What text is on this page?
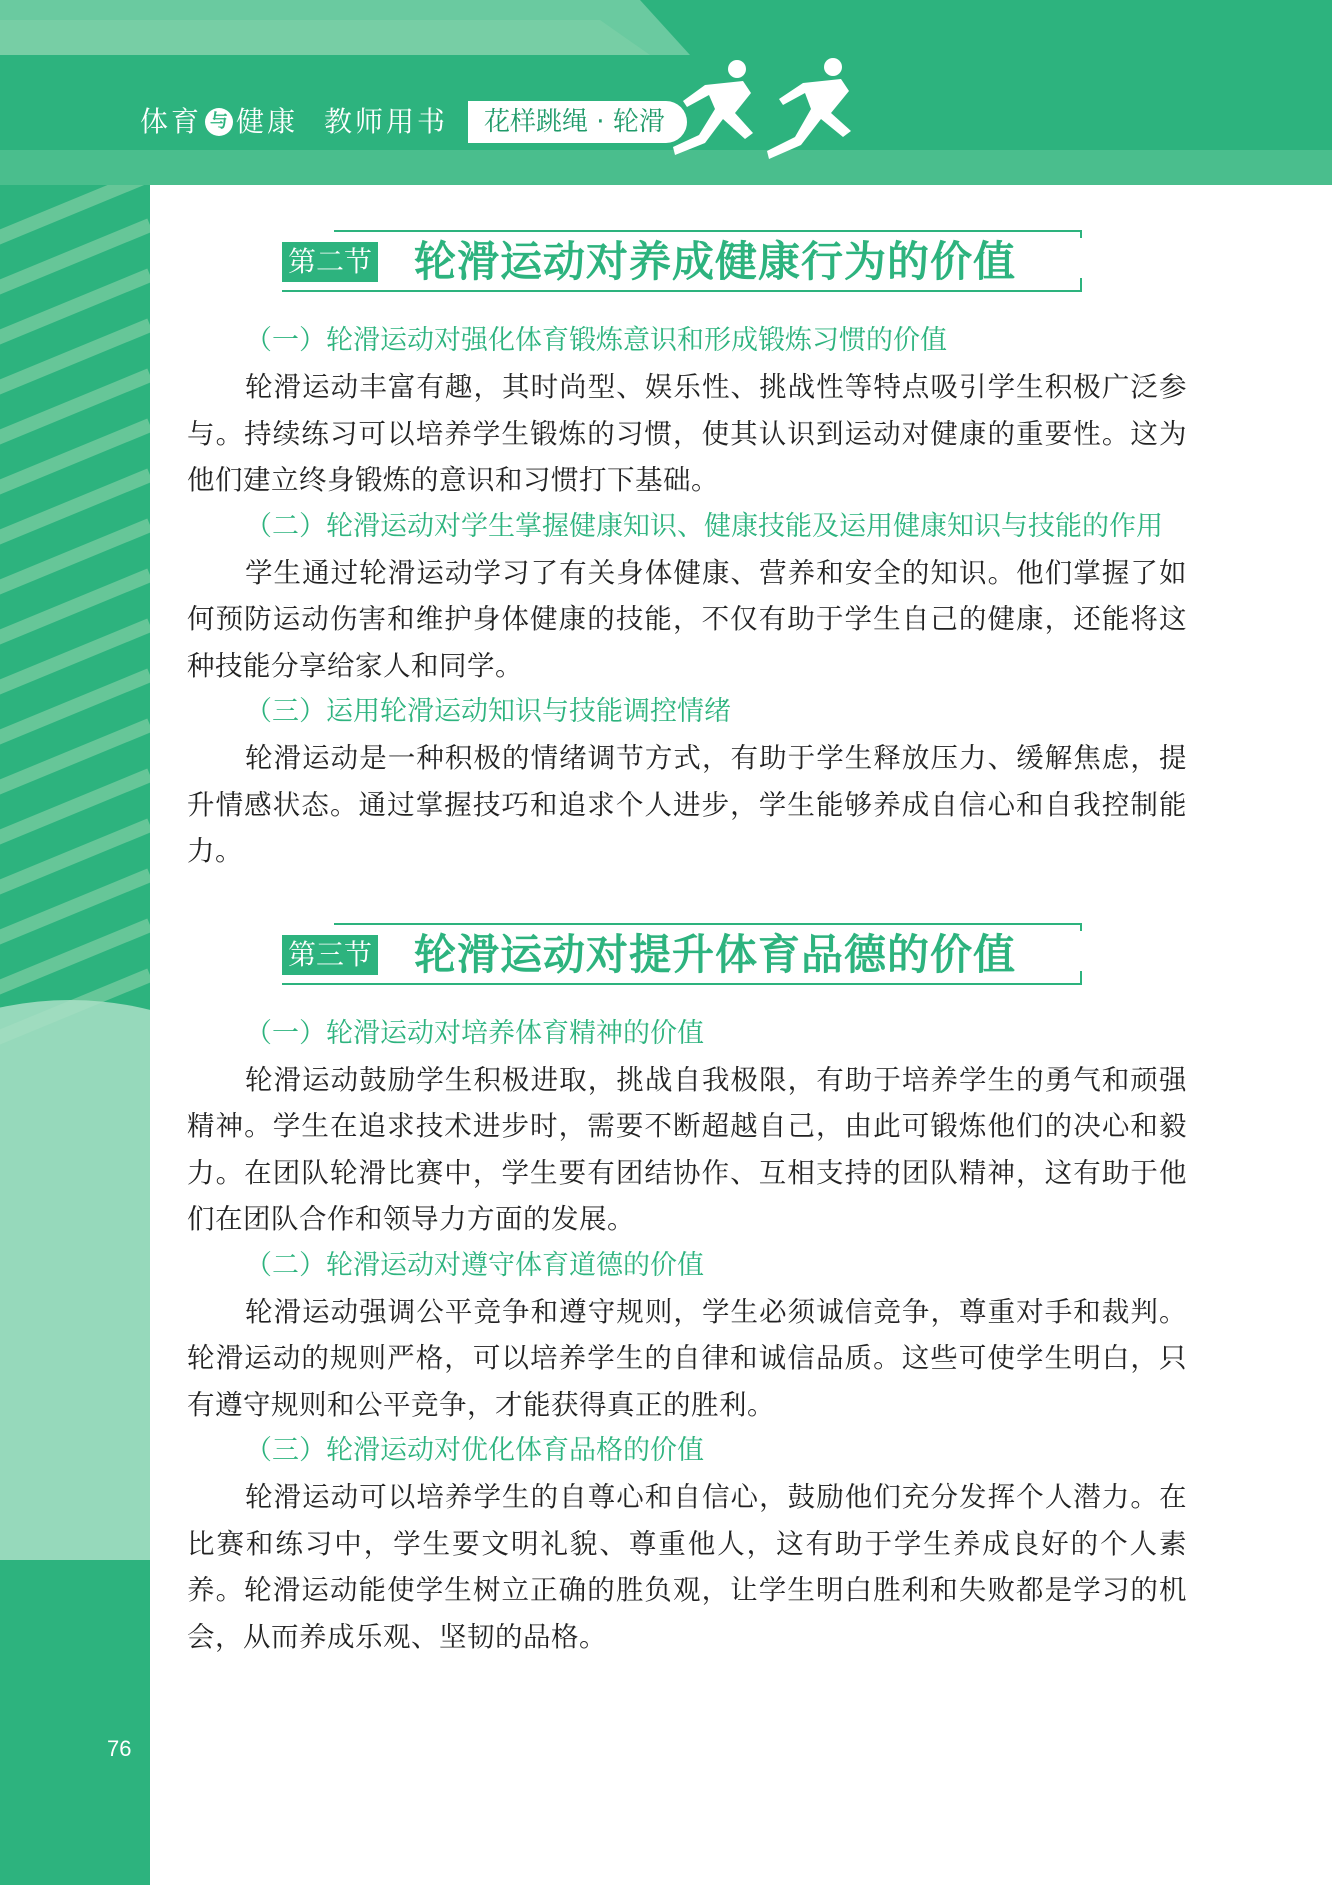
体育 与 健康 教师用书	花样跳绳 · 轮滑
第二节 轮滑运动对养成健康行为的价值

（一）轮滑运动对强化体育锻炼意识和形成锻炼习惯的价值

轮滑运动丰富有趣，其时尚型、娱乐性、挑战性等特点吸引学生积极广泛参与。持续练习可以培养学生锻炼的习惯，使其认识到运动对健康的重要性。这为他们建立终身锻炼的意识和习惯打下基础。

（二）轮滑运动对学生掌握健康知识、健康技能及运用健康知识与技能的作用

学生通过轮滑运动学习了有关身体健康、营养和安全的知识。他们掌握了如何预防运动伤害和维护身体健康的技能，不仅有助于学生自己的健康，还能将这种技能分享给家人和同学。

（三）运用轮滑运动知识与技能调控情绪

轮滑运动是一种积极的情绪调节方式，有助于学生释放压力、缓解焦虑，提升情感状态。通过掌握技巧和追求个人进步，学生能够养成自信心和自我控制能力。

第三节 轮滑运动对提升体育品德的价值

（一）轮滑运动对培养体育精神的价值

轮滑运动鼓励学生积极进取，挑战自我极限，有助于培养学生的勇气和顽强精神。学生在追求技术进步时，需要不断超越自己，由此可锻炼他们的决心和毅力。在团队轮滑比赛中，学生要有团结协作、互相支持的团队精神，这有助于他们在团队合作和领导力方面的发展。

（二）轮滑运动对遵守体育道德的价值

轮滑运动强调公平竞争和遵守规则，学生必须诚信竞争，尊重对手和裁判。轮滑运动的规则严格，可以培养学生的自律和诚信品质。这些可使学生明白，只有遵守规则和公平竞争，才能获得真正的胜利。

（三）轮滑运动对优化体育品格的价值

轮滑运动可以培养学生的自尊心和自信心，鼓励他们充分发挥个人潜力。在比赛和练习中，学生要文明礼貌、尊重他人，这有助于学生养成良好的个人素养。轮滑运动能使学生树立正确的胜负观，让学生明白胜利和失败都是学习的机会，从而养成乐观、坚韧的品格。

76
